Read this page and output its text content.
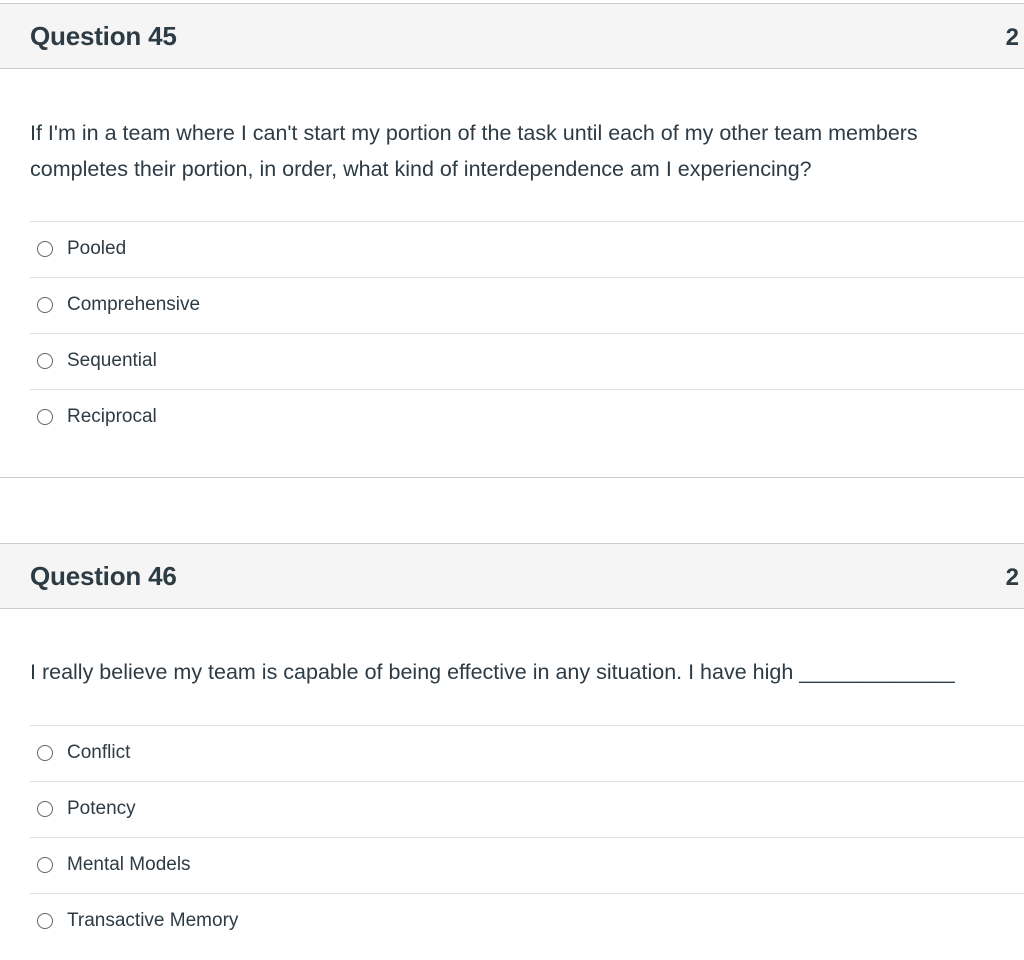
Question 45	2
If I'm in a team where I can't start my portion of the task until each of my other team members completes their portion, in order, what kind of interdependence am I experiencing?
Pooled
Comprehensive
Sequential
Reciprocal
Question 46	2
I really believe my team is capable of being effective in any situation. I have high _____________
Conflict
Potency
Mental Models
Transactive Memory
